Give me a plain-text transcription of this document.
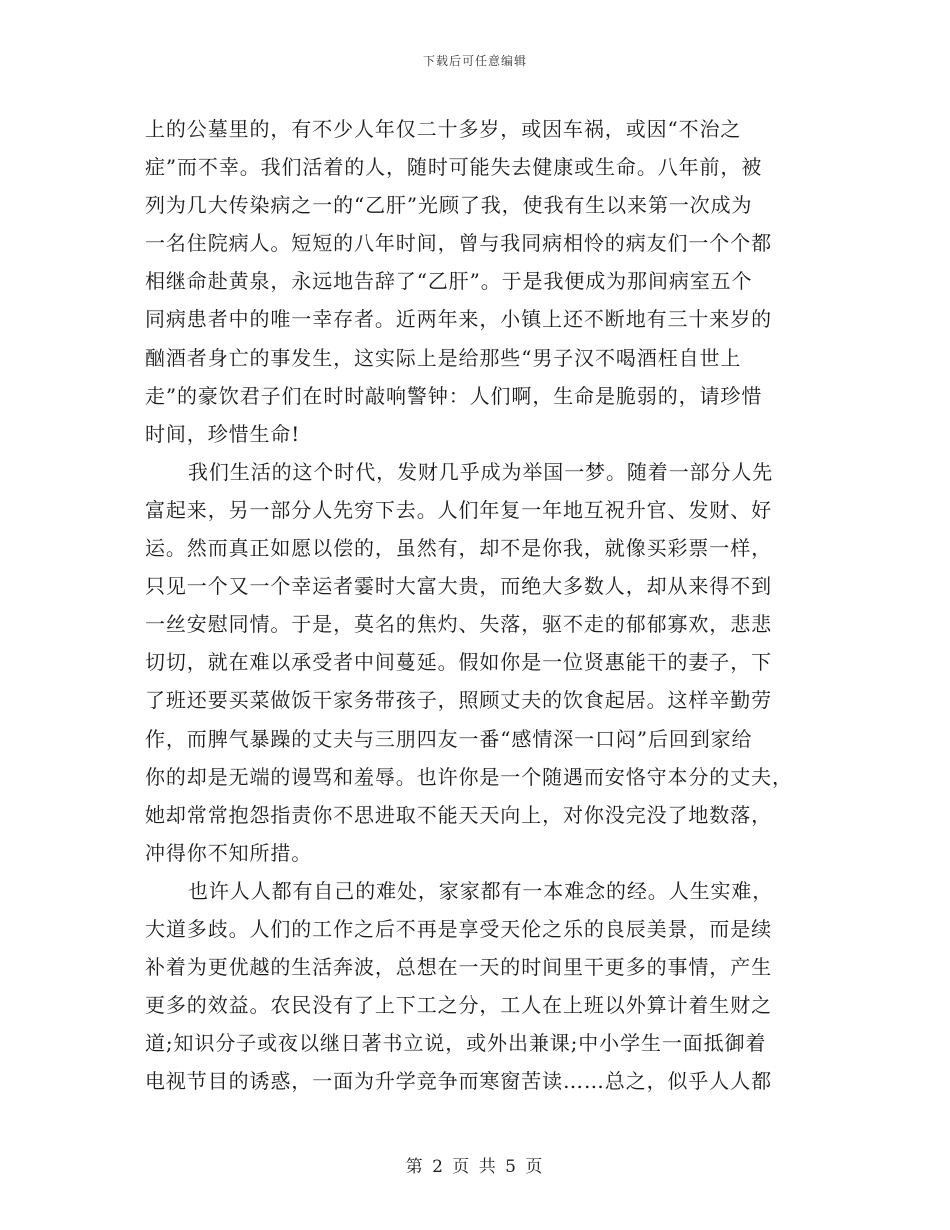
下载后可任意编辑
上的公墓里的，有不少人年仅二十多岁，或因车祸，或因“不治之
症”而不幸。我们活着的人，随时可能失去健康或生命。八年前，被
列为几大传染病之一的“乙肝”光顾了我，使我有生以来第一次成为
一名住院病人。短短的八年时间，曾与我同病相怜的病友们一个个都
相继命赴黄泉，永远地告辞了“乙肝”。于是我便成为那间病室五个
同病患者中的唯一幸存者。近两年来，小镇上还不断地有三十来岁的
酗酒者身亡的事发生，这实际上是给那些“男子汉不喝酒枉自世上
走”的豪饮君子们在时时敲响警钟：人们啊，生命是脆弱的，请珍惜
时间，珍惜生命!
我们生活的这个时代，发财几乎成为举国一梦。随着一部分人先
富起来，另一部分人先穷下去。人们年复一年地互祝升官、发财、好
运。然而真正如愿以偿的，虽然有，却不是你我，就像买彩票一样，
只见一个又一个幸运者霎时大富大贵，而绝大多数人，却从来得不到
一丝安慰同情。于是，莫名的焦灼、失落，驱不走的郁郁寡欢，悲悲
切切，就在难以承受者中间蔓延。假如你是一位贤惠能干的妻子，下
了班还要买菜做饭干家务带孩子，照顾丈夫的饮食起居。这样辛勤劳
作，而脾气暴躁的丈夫与三朋四友一番“感情深一口闷”后回到家给
你的却是无端的谩骂和羞辱。也许你是一个随遇而安恪守本分的丈夫，
她却常常抱怨指责你不思进取不能天天向上，对你没完没了地数落，
冲得你不知所措。
也许人人都有自己的难处，家家都有一本难念的经。人生实难，
大道多歧。人们的工作之后不再是享受天伦之乐的良辰美景，而是续
补着为更优越的生活奔波，总想在一天的时间里干更多的事情，产生
更多的效益。农民没有了上下工之分，工人在上班以外算计着生财之
道;知识分子或夜以继日著书立说，或外出兼课;中小学生一面抵御着
电视节目的诱惑，一面为升学竞争而寒窗苦读……总之，似乎人人都
第 2 页 共 5 页
